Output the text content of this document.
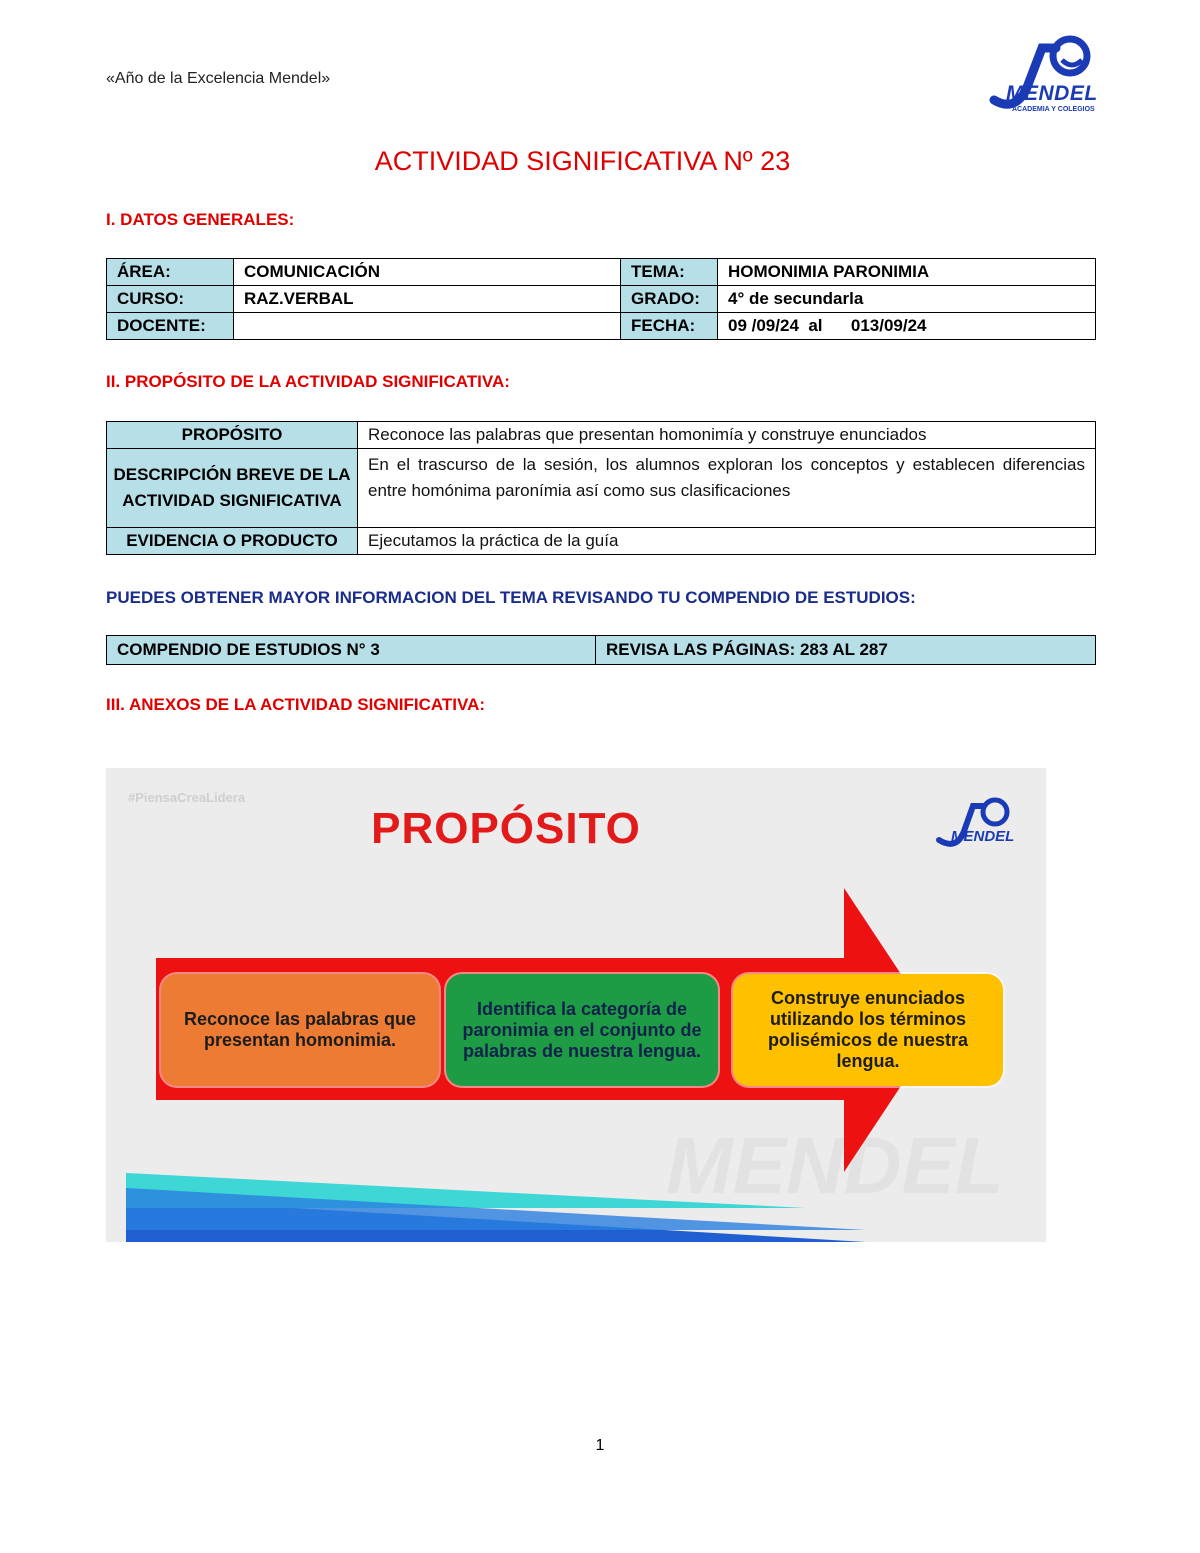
«Año de la Excelencia Mendel»
MENDEL
ACADEMIA Y COLEGIOS
ACTIVIDAD SIGNIFICATIVA Nº 23
I. DATOS GENERALES:
ÁREA:	COMUNICACIÓN	TEMA:	HOMONIMIA PARONIMIA
CURSO:	RAZ.VERBAL	GRADO:	4° de secundarla
DOCENTE:		FECHA:	09 /09/24  al      013/09/24
II. PROPÓSITO DE LA ACTIVIDAD SIGNIFICATIVA:
PROPÓSITO	Reconoce las palabras que presentan homonimía y construye enunciados
DESCRIPCIÓN BREVE DE LA ACTIVIDAD SIGNIFICATIVA	En el trascurso de la sesión, los alumnos exploran los conceptos y establecen diferencias entre homónima paronímia así como sus clasificaciones
EVIDENCIA O PRODUCTO	Ejecutamos la práctica de la guía
PUEDES OBTENER MAYOR INFORMACION DEL TEMA REVISANDO TU COMPENDIO DE ESTUDIOS:
COMPENDIO DE ESTUDIOS N° 3	REVISA LAS PÁGINAS: 283 AL 287
III. ANEXOS DE LA ACTIVIDAD SIGNIFICATIVA:
MENDEL
#PiensaCreaLidera
PROPÓSITO	MENDEL
Reconoce las palabras que presentan homonimia.
Identifica la categoría de paronimia en el conjunto de palabras de nuestra lengua.
Construye enunciados utilizando los términos polisémicos de nuestra lengua.
1
